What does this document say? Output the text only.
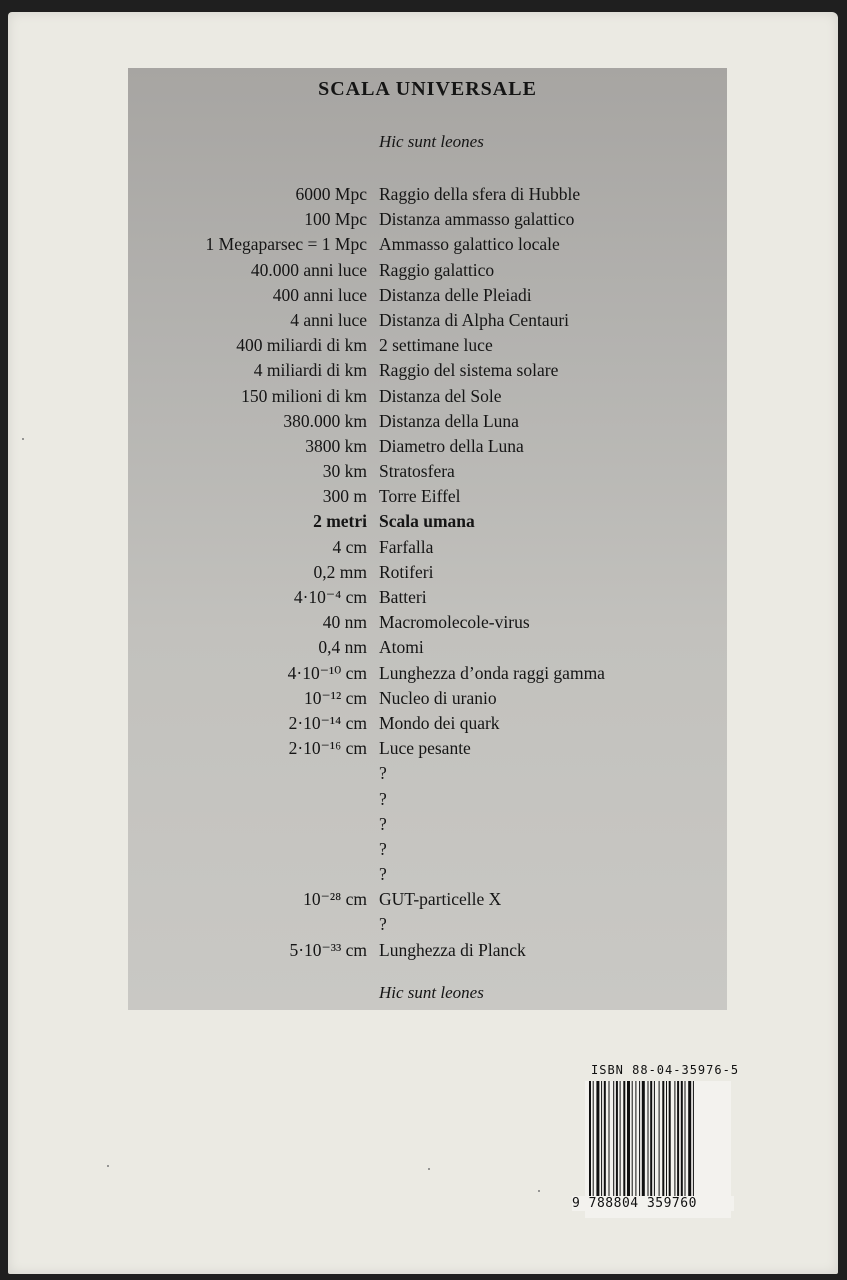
SCALA UNIVERSALE
Hic sunt leones
6000 Mpc Raggio della sfera di Hubble
100 Mpc Distanza ammasso galattico
1 Megaparsec = 1 Mpc Ammasso galattico locale
40.000 anni luce Raggio galattico
400 anni luce Distanza delle Pleiadi
4 anni luce Distanza di Alpha Centauri
400 miliardi di km 2 settimane luce
4 miliardi di km Raggio del sistema solare
150 milioni di km Distanza del Sole
380.000 km Distanza della Luna
3800 km Diametro della Luna
30 km Stratosfera
300 m Torre Eiffel
2 metri Scala umana
4 cm Farfalla
0,2 mm Rotiferi
4·10⁻⁴ cm Batteri
40 nm Macromolecole-virus
0,4 nm Atomi
4·10⁻¹⁰ cm Lunghezza d’onda raggi gamma
10⁻¹² cm Nucleo di uranio
2·10⁻¹⁴ cm Mondo dei quark
2·10⁻¹⁶ cm Luce pesante
?
?
?
?
?
10⁻²⁸ cm GUT-particelle X
?
5·10⁻³³ cm Lunghezza di Planck
Hic sunt leones
ISBN 88-04-35976-5
9 788804 359760
